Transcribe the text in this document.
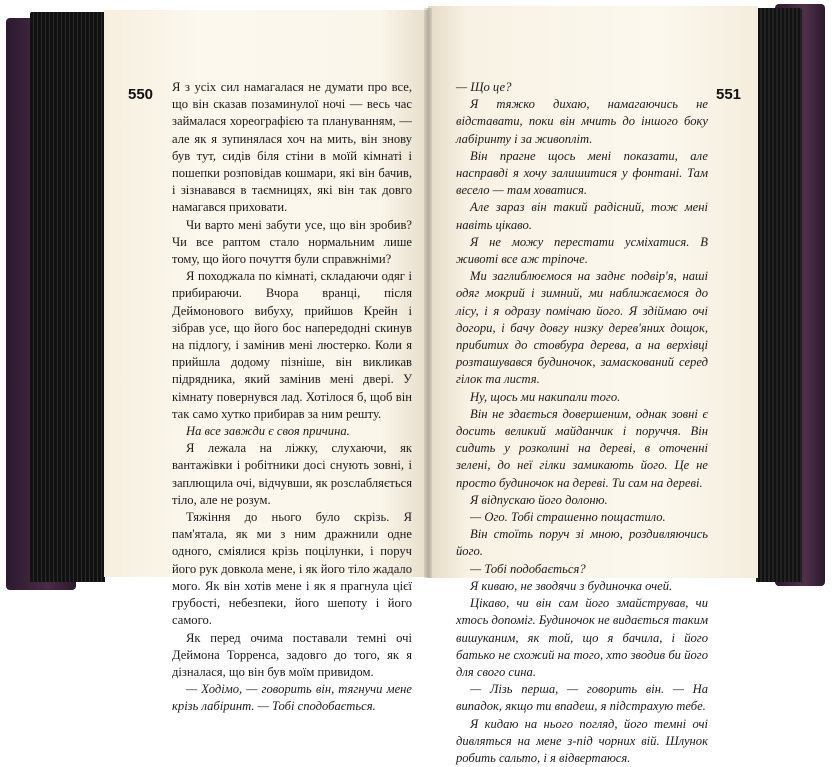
550	551

Я з усіх сил намагалася не думати про все, що він сказав позаминулої ночі — весь час займалася хореографією та плануванням, — але як я зупинялася хоч на мить, він знову був тут, сидів біля стіни в моїй кімнаті і пошепки розповідав кошмари, які він бачив, і зізнавався в таємницях, які він так довго намагався приховати.

Чи варто мені забути усе, що він зробив? Чи все раптом стало нормальним лише тому, що його почуття були справжніми?

Я походжала по кімнаті, складаючи одяг і прибираючи. Вчора вранці, після Деймонового вибуху, прийшов Крейн і зібрав усе, що його бос напередодні скинув на підлогу, і замінив мені люстерко. Коли я прийшла додому пізніше, він викликав підрядника, який замінив мені двері. У кімнату повернувся лад. Хотілося б, щоб він так само хутко прибирав за ним решту.

На все завжди є своя причина.

Я лежала на ліжку, слухаючи, як вантажівки і робітники досі снують зовні, і заплющила очі, відчувши, як розслабляється тіло, але не розум.

Тяжіння до нього було скрізь. Я пам'ятала, як ми з ним дражнили одне одного, сміялися крізь поцілунки, і поруч його рук довкола мене, і як його тіло жадало мого. Як він хотів мене і як я прагнула цієї грубості, небезпеки, його шепоту і його самого.

Як перед очима поставали темні очі Деймона Торренса, задовго до того, як я дізналася, що він був моїм привидом.

— Ходімо, — говорить він, тягнучи мене крізь лабіринт. — Тобі сподобається.

— Що це?

Я тяжко дихаю, намагаючись не відставати, поки він мчить до іншого боку лабіринту і за живопліт.

Він прагне щось мені показати, але насправді я хочу залишитися у фонтані. Там весело — там ховатися.

Але зараз він такий радісний, тож мені навіть цікаво.

Я не можу перестати усміхатися. В животі все аж тріпоче.

Ми заглиблюємося на заднє подвір'я, наші одяг мокрий і зимний, ми наближаємося до лісу, і я одразу помічаю його. Я здіймаю очі догори, і бачу довгу низку дерев'яних дощок, прибитих до стовбура дерева, а на верхівці розташувався будиночок, замаскований серед гілок та листя.

Ну, щось ми накипали того.

Він не здається довершеним, однак зовні є досить великий майданчик і поруччя. Він сидить у розколині на дереві, в оточенні зелені, до неї гілки замикають його. Це не просто будиночок на дереві. Ти сам на дереві.

Я відпускаю його долоню.

— Ого. Тобі страшенно пощастило.

Він стоїть поруч зі мною, роздивляючись його.

— Тобі подобається?

Я киваю, не зводячи з будиночка очей.

Цікаво, чи він сам його змайстрував, чи хтось допоміг. Будиночок не видається таким вишуканим, як той, що я бачила, і його батько не схожий на того, хто зводив би його для свого сина.

— Лізь перша, — говорить він. — На випадок, якщо ти впадеш, я підстрахую тебе.

Я кидаю на нього погляд, його темні очі дивляться на мене з-під чорних вій. Шлунок робить сальто, і я відвертаюся.
